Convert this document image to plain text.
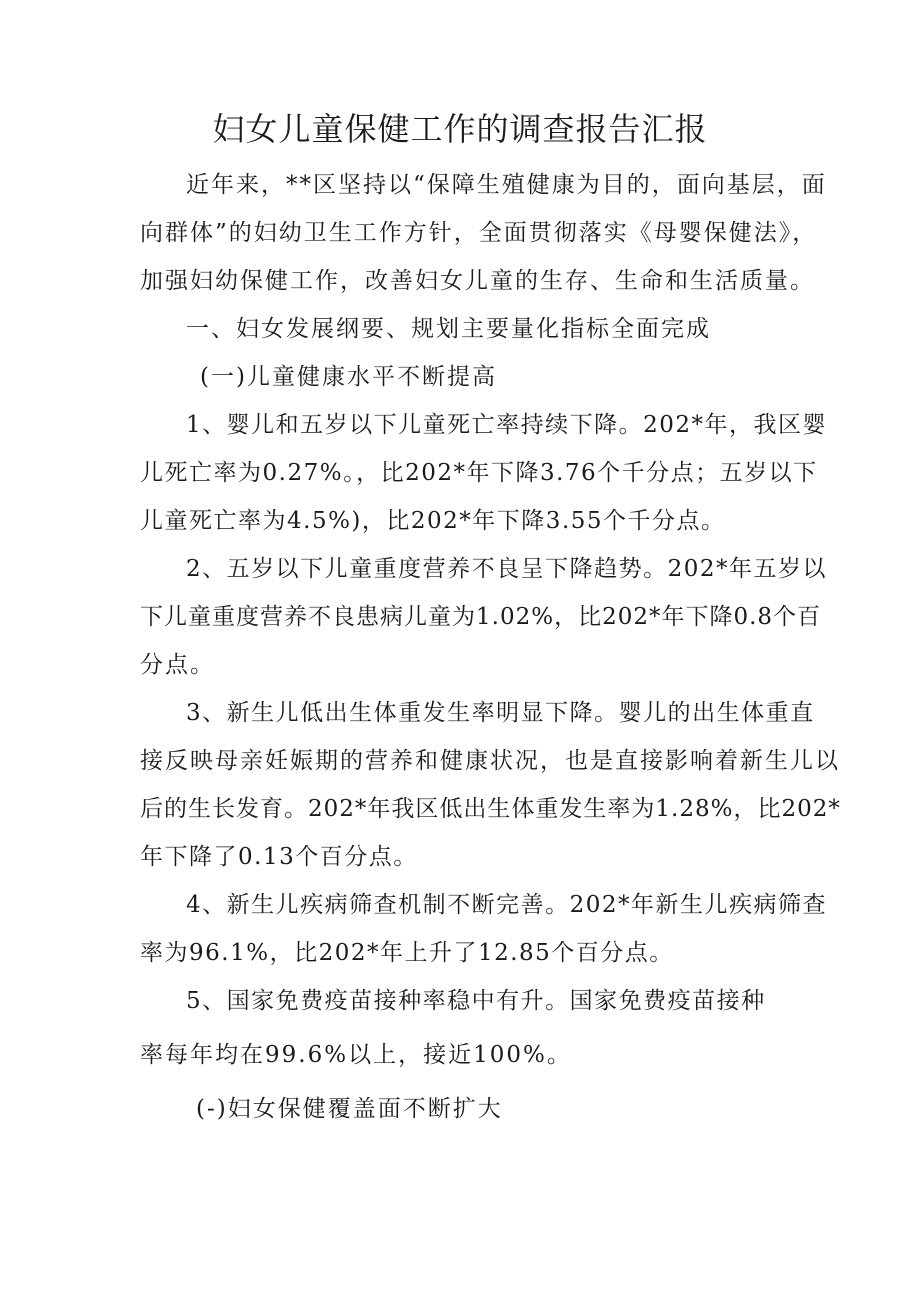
妇女儿童保健工作的调查报告汇报
近年来，**区坚持以“保障生殖健康为目的，面向基层，面
向群体”的妇幼卫生工作方针，全面贯彻落实《母婴保健法》，
加强妇幼保健工作，改善妇女儿童的生存、生命和生活质量。
一、妇女发展纲要、规划主要量化指标全面完成
(一)儿童健康水平不断提高
1、婴儿和五岁以下儿童死亡率持续下降。202*年，我区婴
儿死亡率为0.27%。，比202*年下降3.76个千分点；五岁以下
儿童死亡率为4.5%)，比202*年下降3.55个千分点。
2、五岁以下儿童重度营养不良呈下降趋势。202*年五岁以
下儿童重度营养不良患病儿童为1.02%，比202*年下降0.8个百
分点。
3、新生儿低出生体重发生率明显下降。婴儿的出生体重直
接反映母亲妊娠期的营养和健康状况，也是直接影响着新生儿以
后的生长发育。202*年我区低出生体重发生率为1.28%，比202*
年下降了0.13个百分点。
4、新生儿疾病筛查机制不断完善。202*年新生儿疾病筛查
率为96.1%，比202*年上升了12.85个百分点。
5、国家免费疫苗接种率稳中有升。国家免费疫苗接种
率每年均在99.6%以上，接近100%。
(-)妇女保健覆盖面不断扩大
